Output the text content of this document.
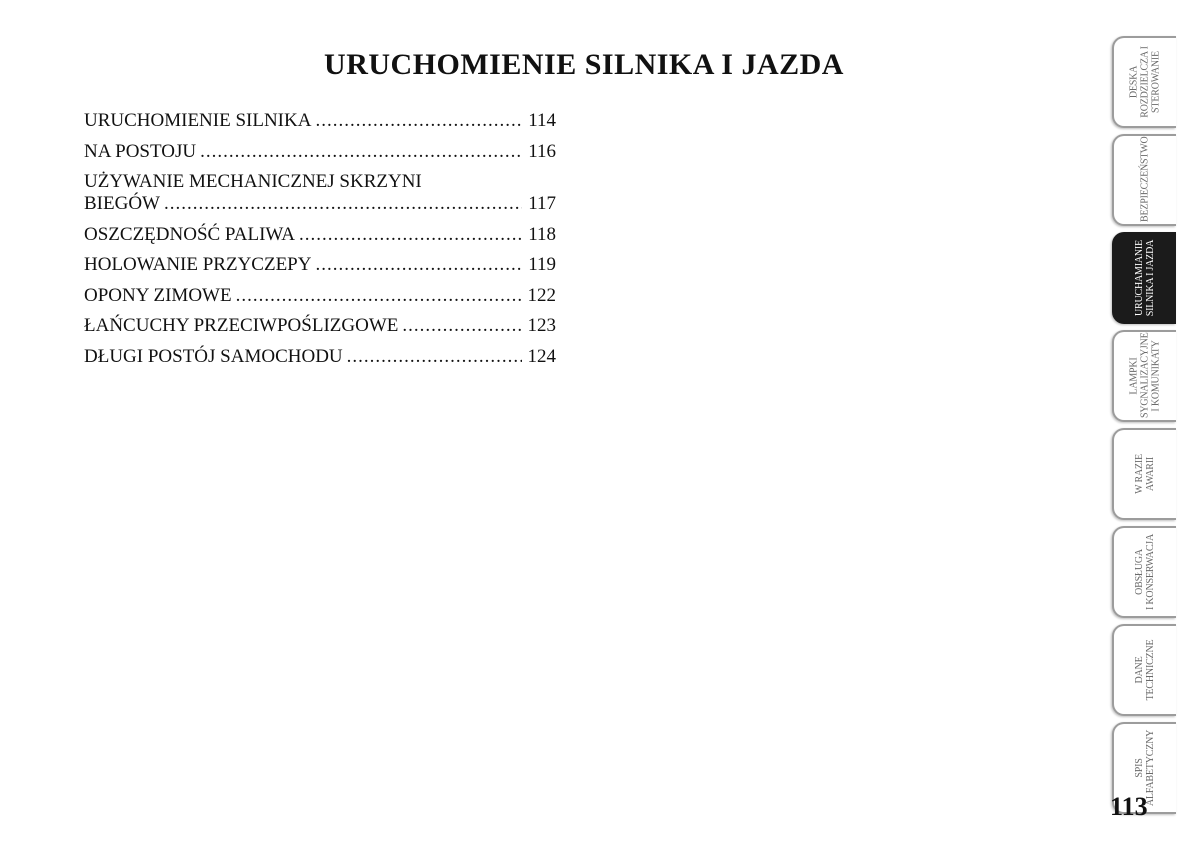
URUCHOMIENIE SILNIKA I JAZDA
URUCHOMIENIE SILNIKA .....	114
NA POSTOJU .....	116
UŻYWANIE MECHANICZNEJ SKRZYNI
BIEGÓW .....	117
OSZCZĘDNOŚĆ PALIWA .....	118
HOLOWANIE PRZYCZEPY .....	119
OPONY ZIMOWE .....	122
ŁAŃCUCHY PRZECIWPOŚLIZGOWE .....	123
DŁUGI POSTÓJ SAMOCHODU .....	124
DESKA
ROZDZIELCZA I
STEROWANIE
BEZPIECZEŃSTWO
URUCHAMIANIE
SILNIKA I JAZDA
LAMPKI
SYGNALIZACYJNE
I KOMUNIKATY
W RAZIE
AWARII
OBSŁUGA
I KONSERWACJA
DANE
TECHNICZNE
SPIS
ALFABETYCZNY
113
